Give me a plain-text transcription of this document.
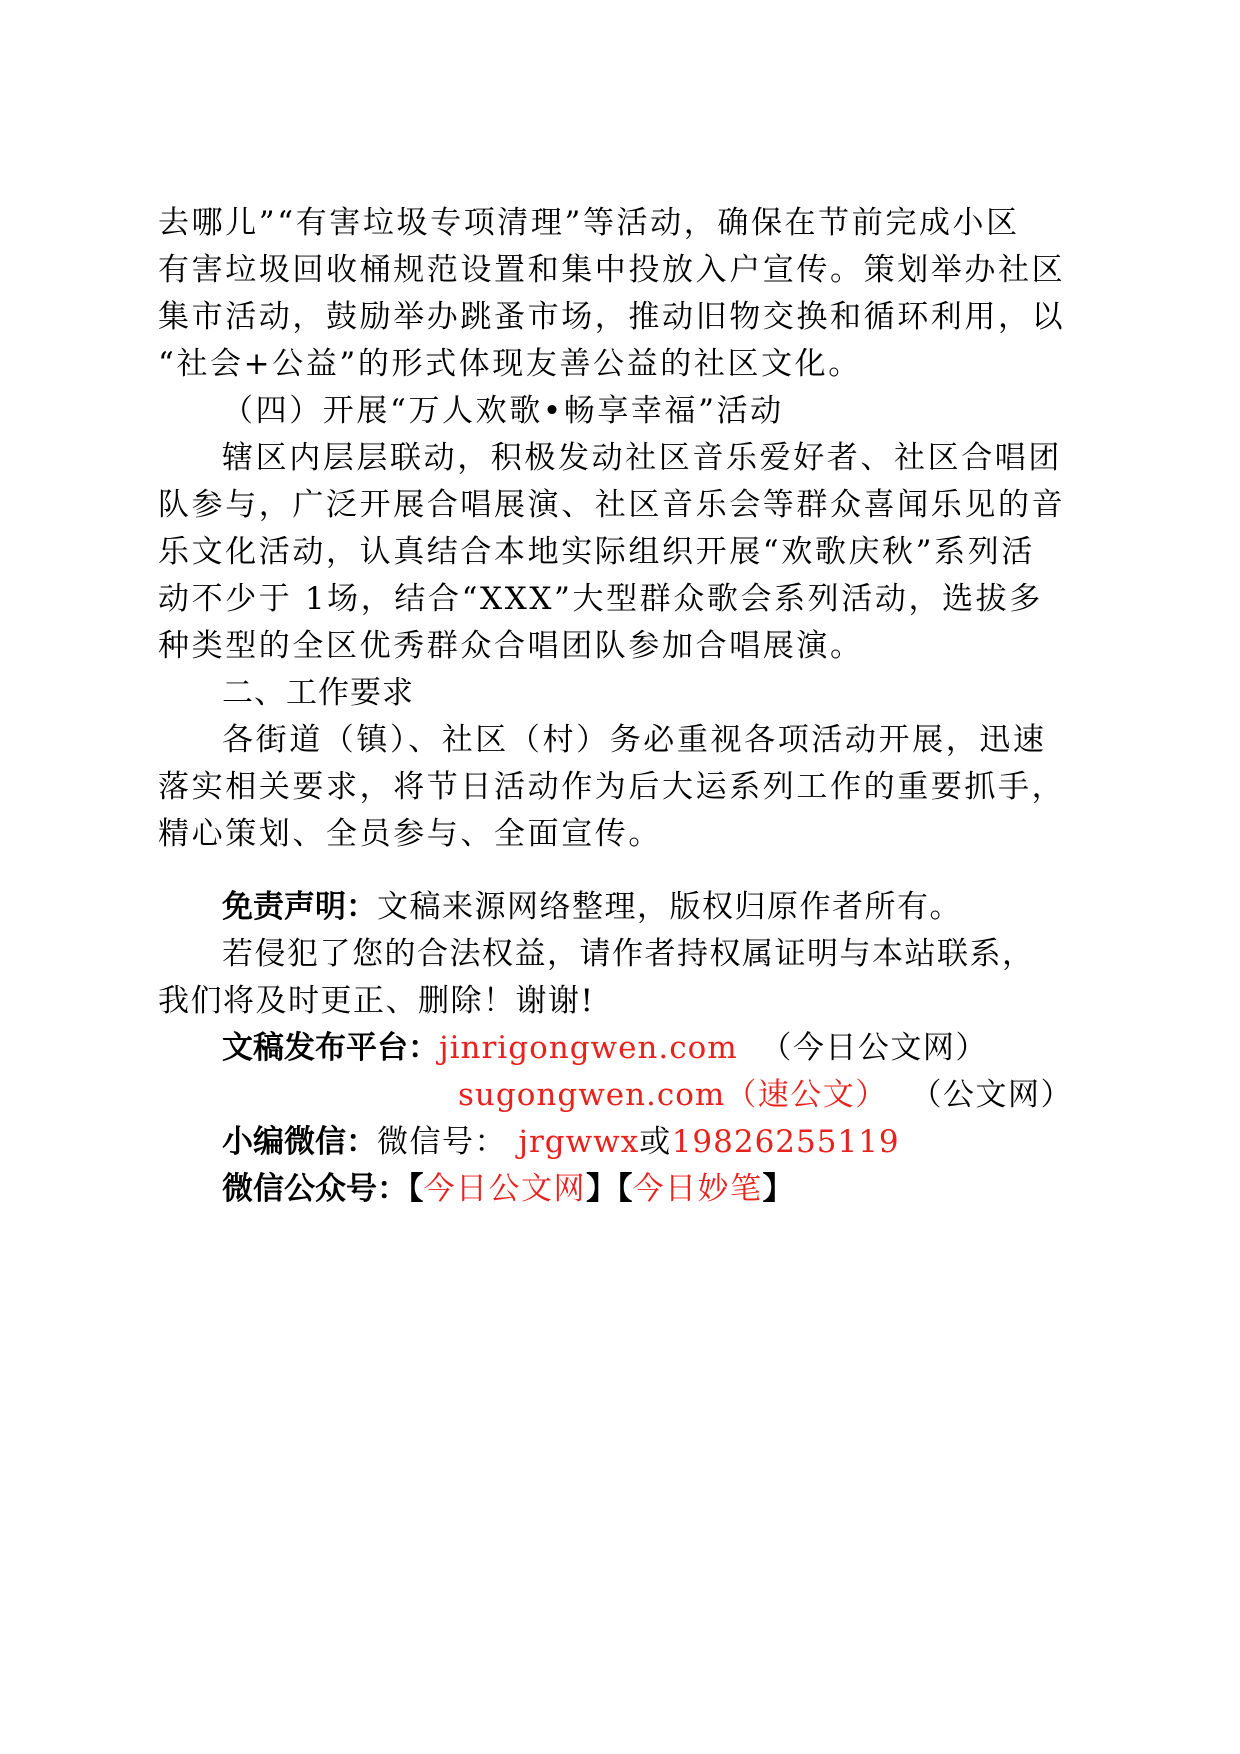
去哪儿”“有害垃圾专项清理”等活动，确保在节前完成小区

有害垃圾回收桶规范设置和集中投放入户宣传。策划举办社区

集市活动，鼓励举办跳蚤市场，推动旧物交换和循环利用，以

“社会+公益”的形式体现友善公益的社区文化。

（四）开展“万人欢歌•畅享幸福”活动

辖区内层层联动，积极发动社区音乐爱好者、社区合唱团

队参与，广泛开展合唱展演、社区音乐会等群众喜闻乐见的音

乐文化活动，认真结合本地实际组织开展“欢歌庆秋”系列活

动不少于 1场，结合“XXX”大型群众歌会系列活动，选拔多

种类型的全区优秀群众合唱团队参加合唱展演。

二、工作要求

各街道（镇）、社区（村）务必重视各项活动开展，迅速

落实相关要求，将节日活动作为后大运系列工作的重要抓手，

精心策划、全员参与、全面宣传。

免责声明：文稿来源网络整理，版权归原作者所有。

若侵犯了您的合法权益，请作者持权属证明与本站联系，

我们将及时更正、删除！谢谢!

文稿发布平台：jinrigongwen.com （今日公文网）

sugongwen.com（速公文） （公文网）

小编微信：微信号： jrgwwx或19826255119

微信公众号：【今日公文网】【今日妙笔】
